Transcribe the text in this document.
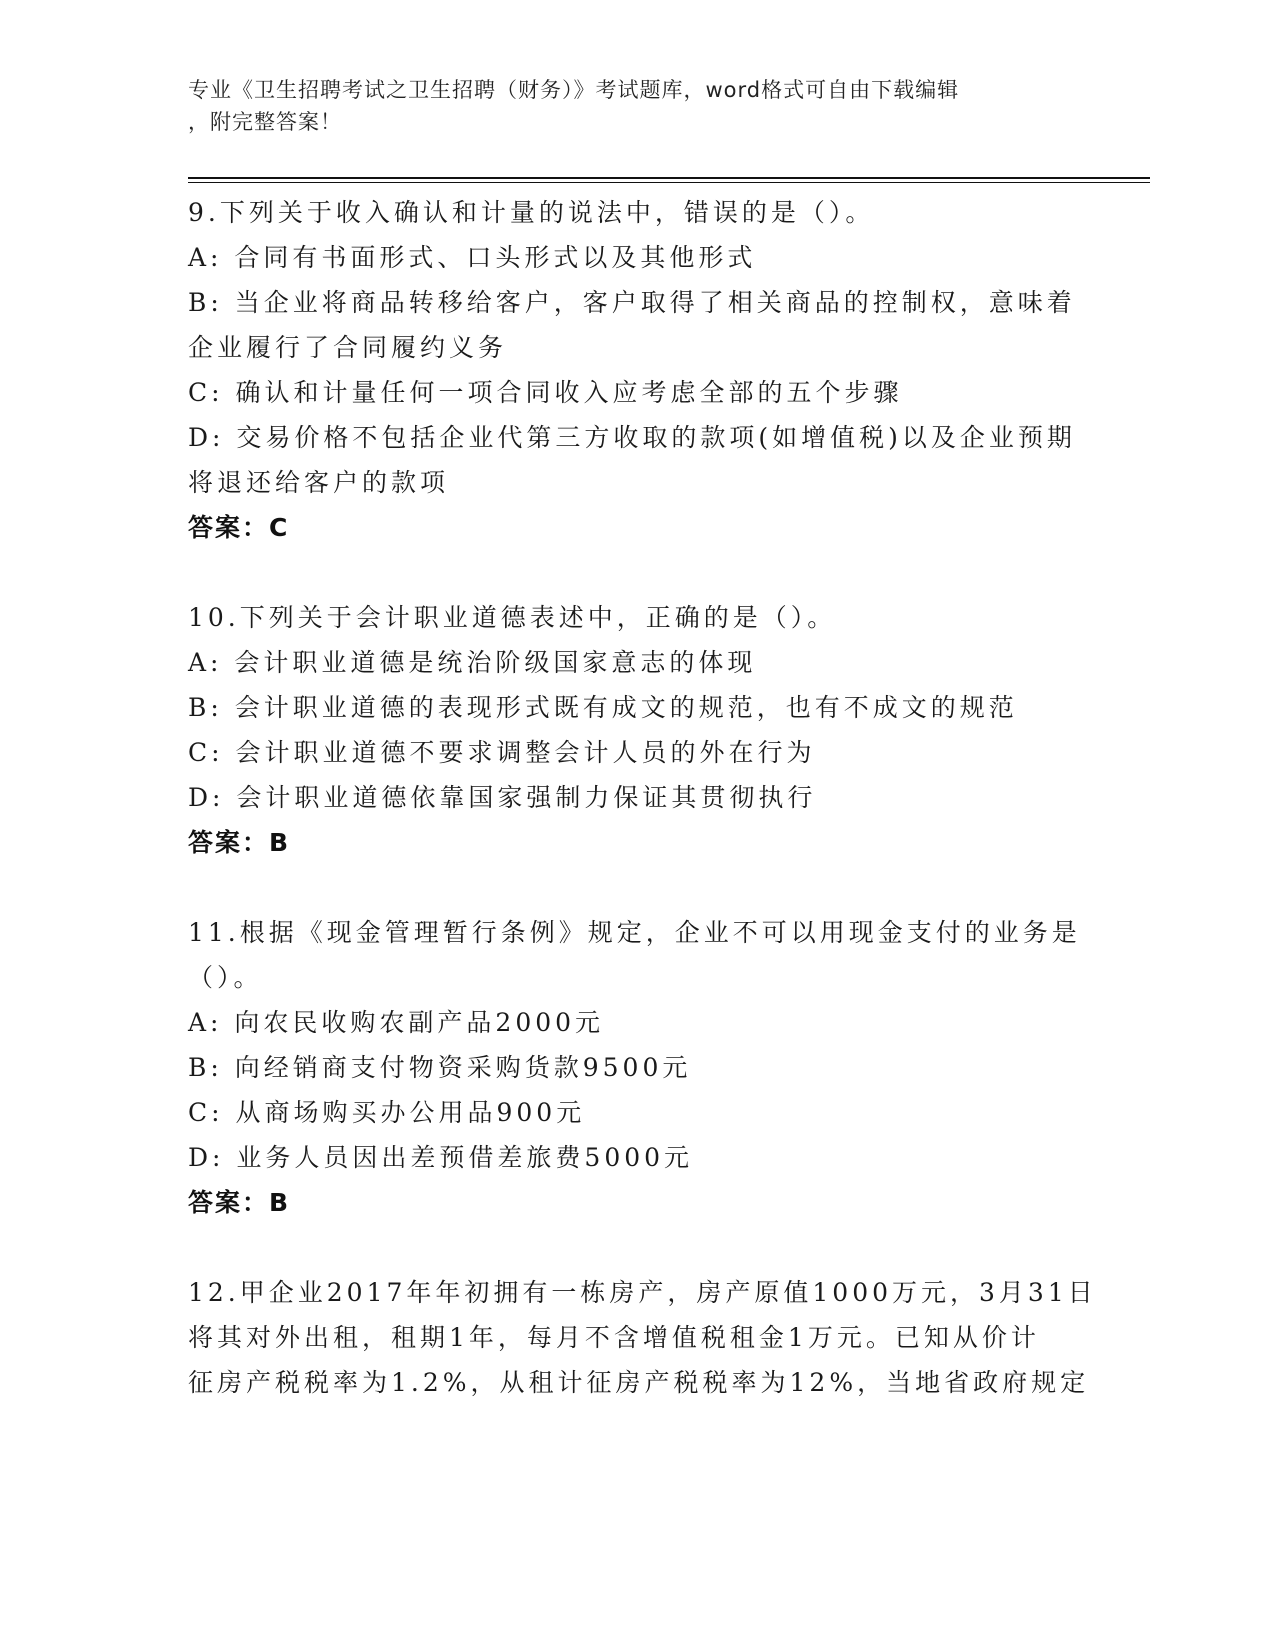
专业《卫生招聘考试之卫生招聘（财务）》考试题库，word格式可自由下载编辑
，附完整答案！
9.下列关于收入确认和计量的说法中，错误的是（）。
A: 合同有书面形式、口头形式以及其他形式
B: 当企业将商品转移给客户，客户取得了相关商品的控制权，意味着
企业履行了合同履约义务
C: 确认和计量任何一项合同收入应考虑全部的五个步骤
D: 交易价格不包括企业代第三方收取的款项(如增值税)以及企业预期
将退还给客户的款项
答案：C
10.下列关于会计职业道德表述中，正确的是（）。
A: 会计职业道德是统治阶级国家意志的体现
B: 会计职业道德的表现形式既有成文的规范，也有不成文的规范
C: 会计职业道德不要求调整会计人员的外在行为
D: 会计职业道德依靠国家强制力保证其贯彻执行
答案：B
11.根据《现金管理暂行条例》规定，企业不可以用现金支付的业务是
（）。
A: 向农民收购农副产品2000元
B: 向经销商支付物资采购货款9500元
C: 从商场购买办公用品900元
D: 业务人员因出差预借差旅费5000元
答案：B
12.甲企业2017年年初拥有一栋房产，房产原值1000万元，3月31日
将其对外出租，租期1年，每月不含增值税租金1万元。已知从价计
征房产税税率为1.2%，从租计征房产税税率为12%，当地省政府规定
